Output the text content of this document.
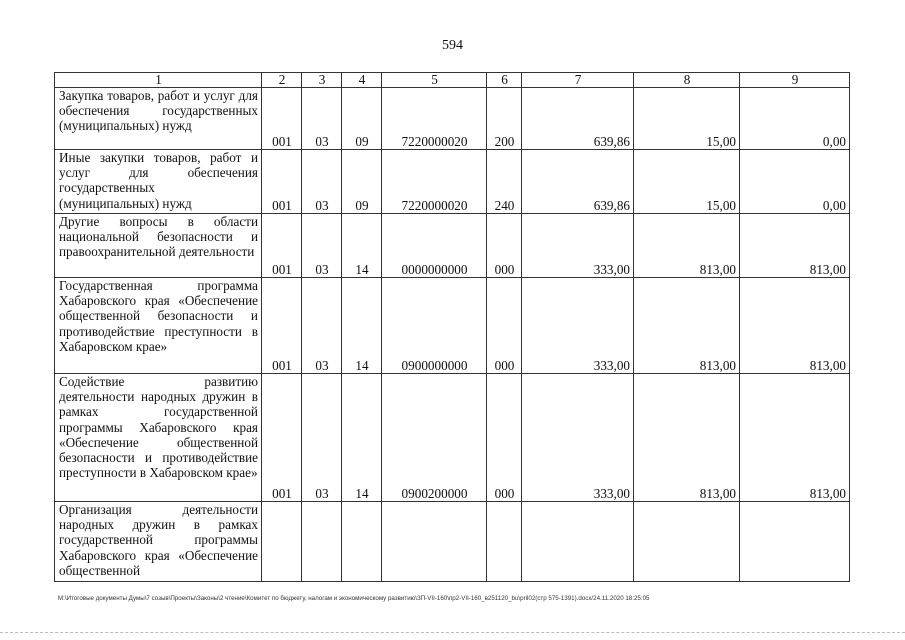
594
1	2	3	4	5	6	7	8	9
Закупка товаров, работ и услуг для обеспечения государственных (муниципальных) нужд	001	03	09	7220000020	200	639,86	15,00	0,00
Иные закупки товаров, работ и услуг для обеспечения государственных (муниципальных) нужд	001	03	09	7220000020	240	639,86	15,00	0,00
Другие вопросы в области национальной безопасности и правоохранительной деятельности	001	03	14	0000000000	000	333,00	813,00	813,00
Государственная программа Хабаровского края «Обеспечение общественной безопасности и противодействие преступности в Хабаровском крае»	001	03	14	0900000000	000	333,00	813,00	813,00
Содействие развитию деятельности народных дружин в рамках государственной программы Хабаровского края «Обеспечение общественной безопасности и противодействие преступности в Хабаровском крае»	001	03	14	0900200000	000	333,00	813,00	813,00
Организация деятельности народных дружин в рамках государственной программы Хабаровского края «Обеспечение общественной								
M:\Итоговые документы Думы\7 созыв\Проекты\Законы\2 чтение\Комитет по бюджету, налогам и экономическому развитию\ЗП-VII-160\пр2-VII-160_в251120_bu\pril02(стр 575-1391).docx/24.11.2020 18:25:05
